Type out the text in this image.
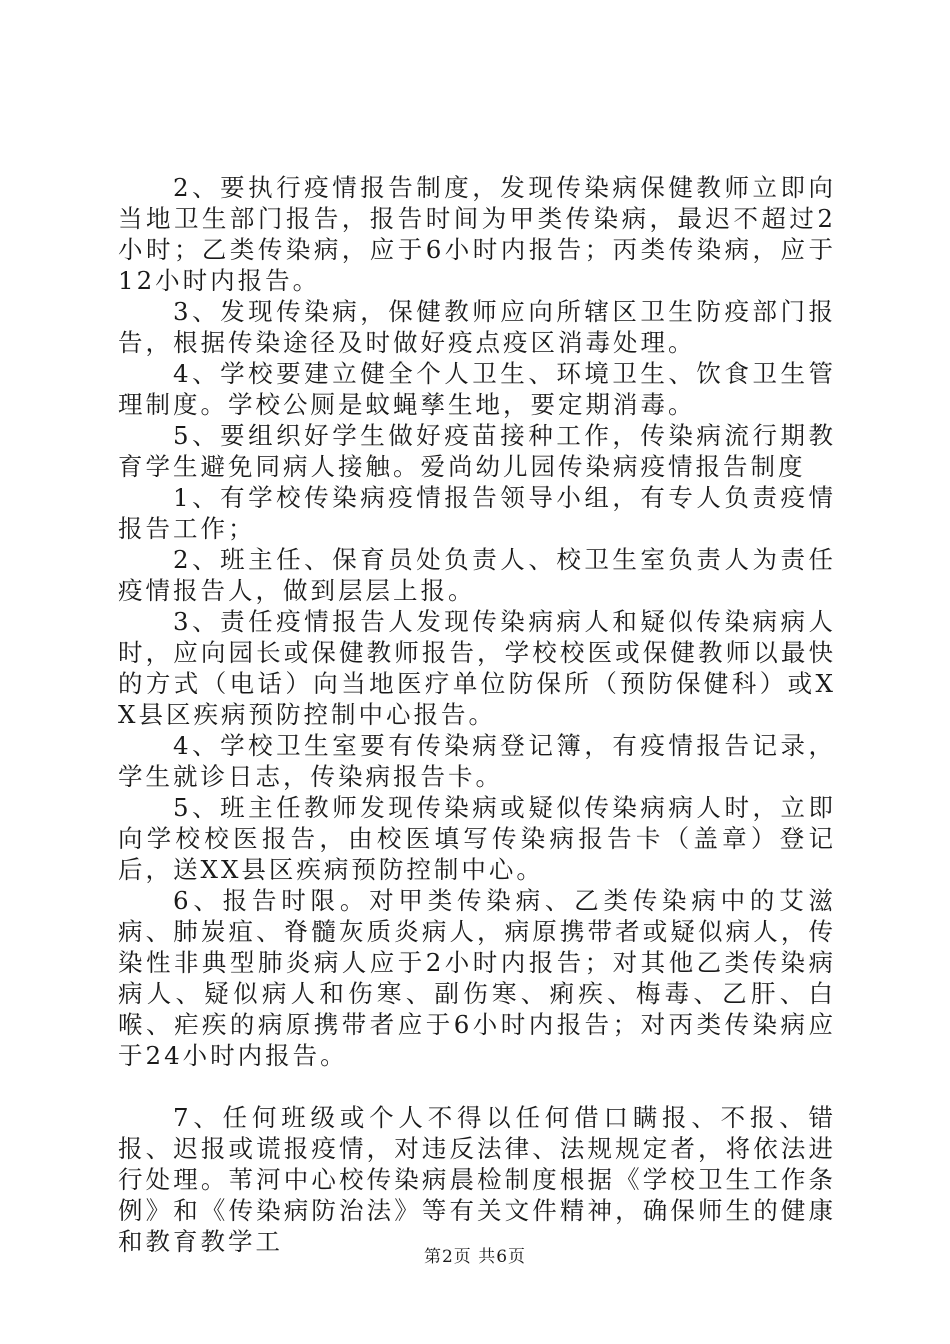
2、要执行疫情报告制度，发现传染病保健教师立即向当地卫生部门报告，报告时间为甲类传染病，最迟不超过2小时；乙类传染病，应于6小时内报告；丙类传染病，应于12小时内报告。

3、发现传染病，保健教师应向所辖区卫生防疫部门报告，根据传染途径及时做好疫点疫区消毒处理。

4、学校要建立健全个人卫生、环境卫生、饮食卫生管理制度。学校公厕是蚊蝇孳生地，要定期消毒。

5、要组织好学生做好疫苗接种工作，传染病流行期教育学生避免同病人接触。爱尚幼儿园传染病疫情报告制度

1、有学校传染病疫情报告领导小组，有专人负责疫情报告工作；

2、班主任、保育员处负责人、校卫生室负责人为责任疫情报告人，做到层层上报。

3、责任疫情报告人发现传染病病人和疑似传染病病人时，应向园长或保健教师报告，学校校医或保健教师以最快的方式（电话）向当地医疗单位防保所（预防保健科）或XX县区疾病预防控制中心报告。

4、学校卫生室要有传染病登记簿，有疫情报告记录，学生就诊日志，传染病报告卡。

5、班主任教师发现传染病或疑似传染病病人时，立即向学校校医报告，由校医填写传染病报告卡（盖章）登记后，送XX县区疾病预防控制中心。

6、报告时限。对甲类传染病、乙类传染病中的艾滋病、肺炭疽、脊髓灰质炎病人，病原携带者或疑似病人，传染性非典型肺炎病人应于2小时内报告；对其他乙类传染病病人、疑似病人和伤寒、副伤寒、痢疾、梅毒、乙肝、白喉、疟疾的病原携带者应于6小时内报告；对丙类传染病应于24小时内报告。

7、任何班级或个人不得以任何借口瞒报、不报、错报、迟报或谎报疫情，对违反法律、法规规定者，将依法进行处理。苇河中心校传染病晨检制度根据《学校卫生工作条例》和《传染病防治法》等有关文件精神，确保师生的健康和教育教学工

第2页 共6页
